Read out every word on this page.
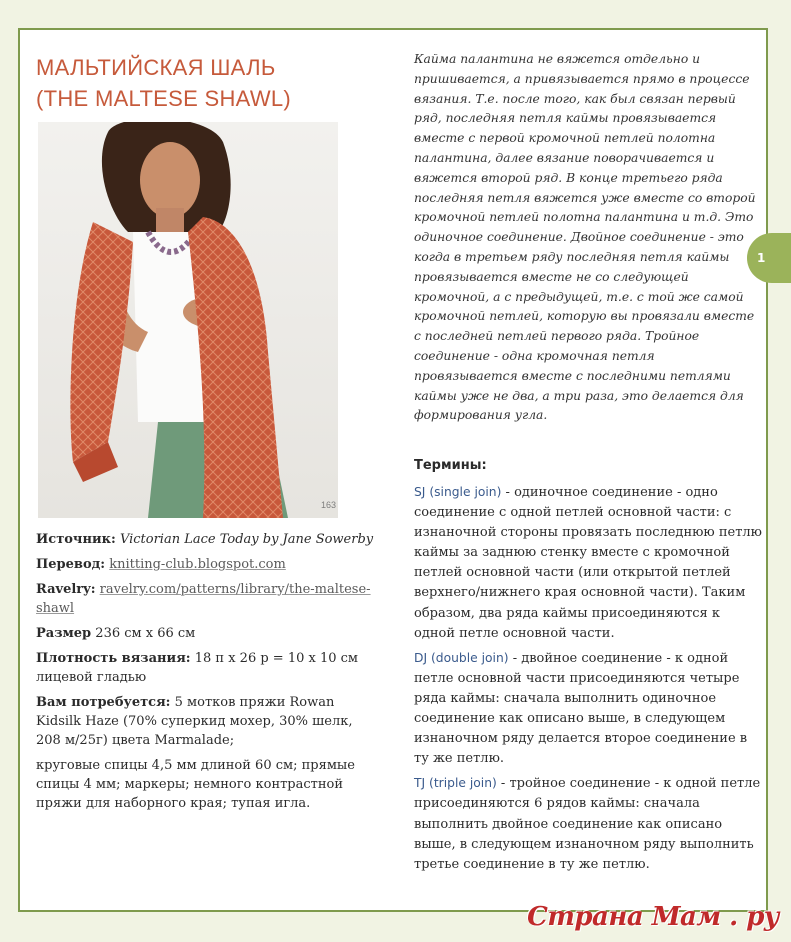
МАЛЬТИЙСКАЯ ШАЛЬ
(THE MALTESE SHAWL)
163

Источник: Victorian Lace Today by Jane Sowerby

Перевод: knitting-club.blogspot.com

Ravelry: ravelry.com/patterns/library/the-maltese-shawl

Размер 236 см х 66 см

Плотность вязания: 18 п х 26 р = 10 х 10 см лицевой гладью

Вам потребуется: 5 мотков пряжи Rowan Kidsilk Haze (70% суперкид мохер, 30% шелк, 208 м/25г) цвета Marmalade;

круговые спицы 4,5 мм длиной 60 см; прямые спицы 4 мм; маркеры; немного контрастной пряжи для наборного края; тупая игла.

Кайма палантина не вяжется отдельно и пришивается, а привязывается прямо в процессе вязания. Т.е. после того, как был связан первый ряд, последняя петля каймы провязывается вместе с первой кромочной петлей полотна палантина, далее вязание поворачивается и вяжется второй ряд. В конце третьего ряда последняя петля вяжется уже вместе со второй кромочной петлей полотна палантина и т.д. Это одиночное соединение. Двойное соединение - это когда в третьем ряду последняя петля каймы провязывается вместе не со следующей кромочной, а с предыдущей, т.е. с той же самой кромочной петлей, которую вы провязали вместе с последней петлей первого ряда. Тройное соединение - одна кромочная петля провязывается вместе с последними петлями каймы уже не два, а три раза, это делается для формирования угла.
Термины:

SJ (single join) - одиночное соединение - одно соединение с одной петлей основной части: с изнаночной стороны провязать последнюю петлю каймы за заднюю стенку вместе с кромочной петлей основной части (или открытой петлей верхнего/нижнего края основной части). Таким образом, два ряда каймы присоединяются к одной петле основной части.

DJ (double join) - двойное соединение - к одной петле основной части присоединяются четыре ряда каймы: сначала выполнить одиночное соединение как описано выше, в следующем изнаночном ряду делается второе соединение в ту же петлю.

TJ (triple join) - тройное соединение - к одной петле присоединяются 6 рядов каймы: сначала выполнить двойное соединение как описано выше, в следующем изнаночном ряду выполнить третье соединение в ту же петлю.

1
Страна Мам . ру
